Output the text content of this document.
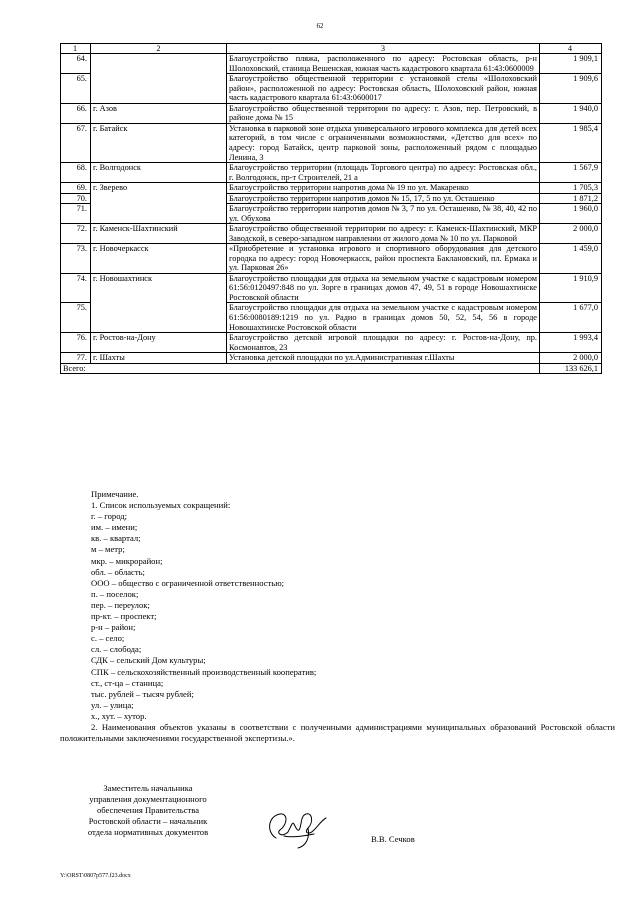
62
1	2	3	4
64.		Благоустройство пляжа, расположенного по адресу: Ростовская область, р-н Шолоховский, станица Вешенская, южная часть кадастрового квартала 61:43:0600009	1 909,1
65.		Благоустройство общественной территории с установкой стелы «Шолоховский район», расположенной по адресу: Ростовская область, Шолоховский район, южная часть кадастрового квартала 61:43:0600017	1 909,6
66.	г. Азов	Благоустройство общественной территории по адресу: г. Азов, пер. Петровский, в районе дома № 15	1 940,0
67.	г. Батайск	Установка в парковой зоне отдыха универсального игрового комплекса для детей всех категорий, в том числе с ограниченными возможностями, «Детство для всех» по адресу: город Батайск, центр парковой зоны, расположенный рядом с площадью Ленина, 3	1 985,4
68.	г. Волгодонск	Благоустройство территории (площадь Торгового центра) по адресу: Ростовская обл., г. Волгодонск, пр-т Строителей, 21 а	1 567,9
69.	г. Зверево	Благоустройство территории напротив дома № 19 по ул. Макаренко	1 705,3
70.		Благоустройство территории напротив домов № 15, 17, 5 по ул. Осташенко	1 871,2
71.		Благоустройство территории напротив домов № 3, 7 по ул. Осташенко, № 38, 40, 42 по ул. Обухова	1 960,0
72.	г. Каменск-Шахтинский	Благоустройство общественной территории по адресу: г. Каменск-Шахтинский, МКР Заводской, в северо-западном направлении от жилого дома № 10 по ул. Парковой	2 000,0
73.	г. Новочеркасск	«Приобретение и установка игрового и спортивного оборудования для детского городка по адресу: город Новочеркасск, район проспекта Баклановский, пл. Ермака и ул. Парковая 26»	1 459,0
74.	г. Новошахтинск	Благоустройство площадки для отдыха на земельном участке с кадастровым номером 61:56:0120497:848 по ул. Зорге в границах домов 47, 49, 51 в городе Новошахтинске Ростовской области	1 910,9
75.		Благоустройство площадки для отдыха на земельном участке с кадастровым номером 61:56:0080189:1219 по ул. Радио в границах домов 50, 52, 54, 56 в городе Новошахтинске Ростовской области	1 677,0
76.	г. Ростов-на-Дону	Благоустройство детской игровой площадки по адресу: г. Ростов-на-Дону, пр. Космонавтов, 23	1 993,4
77.	г. Шахты	Установка детской площадки по ул.Административная г.Шахты	2 000,0
Всего:			133 626,1
Примечание.
1. Список используемых сокращений:
г. – город;
им. – имени;
кв. – квартал;
м – метр;
мкр. – микрорайон;
обл. – область;
ООО – общество с ограниченной ответственностью;
п. – поселок;
пер. – переулок;
пр-кт. – проспект;
р-н – район;
с. – село;
сл. – слобода;
СДК – сельский Дом культуры;
СПК – сельскохозяйственный производственный кооператив;
ст., ст-ца – станица;
тыс. рублей – тысяч рублей;
ул. – улица;
х., хут. – хутор.
2. Наименования объектов указаны в соответствии с полученными администрациями муниципальных образований Ростовской области положительными заключениями государственной экспертизы.».
Заместитель начальника
управления документационного
обеспечения Правительства
Ростовской области – начальник
отдела нормативных документов
В.В. Сечков
Y:\ORST\0807p577.f23.docx
